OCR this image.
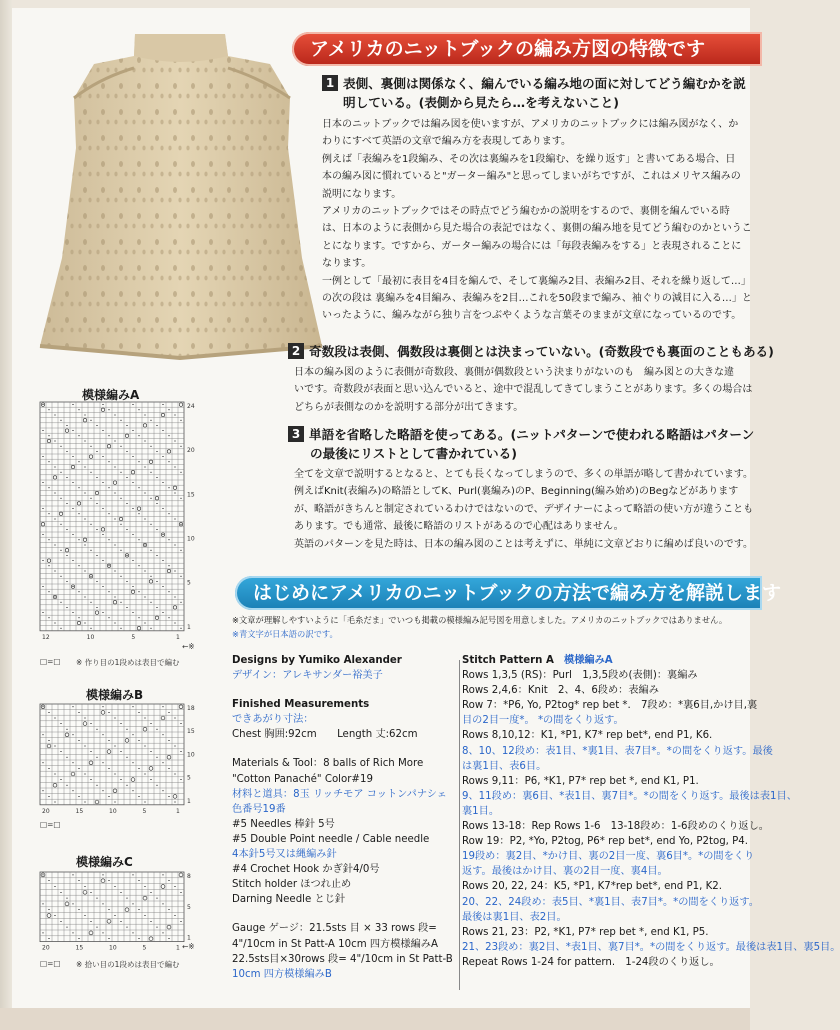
アメリカのニットブックの編み方図の特徴です
1 表側、裏側は関係なく、編んでいる編み地の面に対してどう編むかを説
明している。(表側から見たら…を考えないこと)
日本のニットブックでは編み図を使いますが、アメリカのニットブックには編み図がなく、か
わりにすべて英語の文章で編み方を表現してあります。
例えば「表編みを1段編み、その次は裏編みを1段編む、を繰り返す」と書いてある場合、日
本の編み図に慣れていると"ガーター編み"と思ってしまいがちですが、これはメリヤス編みの
説明になります。
アメリカのニットブックではその時点でどう編むかの説明をするので、裏側を編んでいる時
は、日本のように表側から見た場合の表記ではなく、裏側の編み地を見てどう編むのかというこ
とになります。ですから、ガーター編みの場合には「毎段表編みをする」と表現されることに
なります。
一例として「最初に表目を4目を編んで、そして裏編み2目、表編み2目、それを繰り返して…」
の次の段は 裏編みを4目編み、表編みを2目…これを50段まで編み、袖ぐりの減目に入る…」と
いったように、編みながら独り言をつぶやくような言葉そのままが文章になっているのです。
2 奇数段は表側、偶数段は裏側とは決まっていない。(奇数段でも裏面のこともある)
日本の編み図のように表側が奇数段、裏側が偶数段という決まりがないのも　編み図との大きな違
いです。奇数段が表面と思い込んでいると、途中で混乱してきてしまうことがあります。多くの場合は
どちらが表側なのかを説明する部分が出てきます。
3 単語を省略した略語を使ってある。(ニットパターンで使われる略語はパターン
の最後にリストとして書かれている)
全てを文章で説明するとなると、とても長くなってしまうので、多くの単語が略して書かれています。
例えばKnit(表編み)の略語としてK、Purl(裏編み)のP、Beginning(編み始め)のBegなどがあります
が、略語がきちんと制定されているわけではないので、デザイナーによって略語の使い方が違うことも
あります。でも通常、最後に略語のリストがあるので心配はありません。
英語のパターンを見た時は、日本の編み図のことは考えずに、単純に文章どおりに編めば良いのです。
はじめにアメリカのニットブックの方法で編み方を解説します
※文章が理解しやすいように「毛糸だま」でいつも掲載の模様編み記号図を用意しました。アメリカのニットブックではありません。
※青文字が日本語の訳です。
模様編みA
24
20
15
10
5
1
12	10	5	1
←※
□=□ ※ 作り目の1段めは表目で編む
模様編みB
18
15
10
5
1
20	15	10	5	1
□=□
模様編みC
8
5
1
20	15	10	5	1 ←※
□=□ ※ 拾い目の1段めは表目で編む
Designs by Yumiko Alexander
デザイン：アレキサンダー裕美子
Finished Measurements
できあがり寸法：
Chest 胸囲:92cm　　 Length 丈:62cm
Materials & Tool：8 balls of Rich More
"Cotton Panaché" Color#19
材料と道具：8玉 リッチモア コットンパナシェ
色番号19番
#5 Needles 棒針 5号
#5 Double Point needle / Cable needle
4本針5号又は縄編み針
#4 Crochet Hook かぎ針4/0号
Stitch holder ほつれ止め
Darning Needle とじ針
Gauge ゲージ：21.5sts 目 × 33 rows 段=
4"/10cm in St Patt-A 10cm 四方模様編みA
22.5sts目×30rows 段= 4"/10cm in St Patt-B
10cm 四方模様編みB
Stitch Pattern A　 模様編みA
Rows 1,3,5 (RS)：Purl　1,3,5段め(表側)：裏編み
Rows 2,4,6：Knit　2、4、6段め：表編み
Row 7：*P6, Yo, P2tog* rep bet *.　7段め：*裏6目,かけ目,裏
目の2目一度*。 *の間をくり返す。
Rows 8,10,12：K1, *P1, K7* rep bet*, end P1, K6.
8、10、12段め：表1目、*裏1目、表7目*。*の間をくり返す。最後
は裏1目、表6目。
Rows 9,11：P6, *K1, P7* rep bet *, end K1, P1.
9、11段め：裏6目、*表1目、裏7目*。*の間をくり返す。最後は表1目、
裏1目。
Rows 13-18：Rep Rows 1-6　13-18段め：1-6段めのくり返し。
Row 19：P2, *Yo, P2tog, P6* rep bet*, end Yo, P2tog, P4.
19段め：裏2目、*かけ目、裏の2目一度、裏6目*。*の間をくり
返す。最後はかけ目、裏の2目一度、裏4目。
Rows 20, 22, 24：K5, *P1, K7*rep bet*, end P1, K2.
20、22、24段め：表5目、*裏1目、表7目*。*の間をくり返す。
最後は裏1目、表2目。
Rows 21, 23：P2, *K1, P7* rep bet *, end K1, P5.
21、23段め：裏2目、*表1目、裏7目*。*の間をくり返す。最後は表1目、裏5目。
Repeat Rows 1-24 for pattern.　1-24段のくり返し。
